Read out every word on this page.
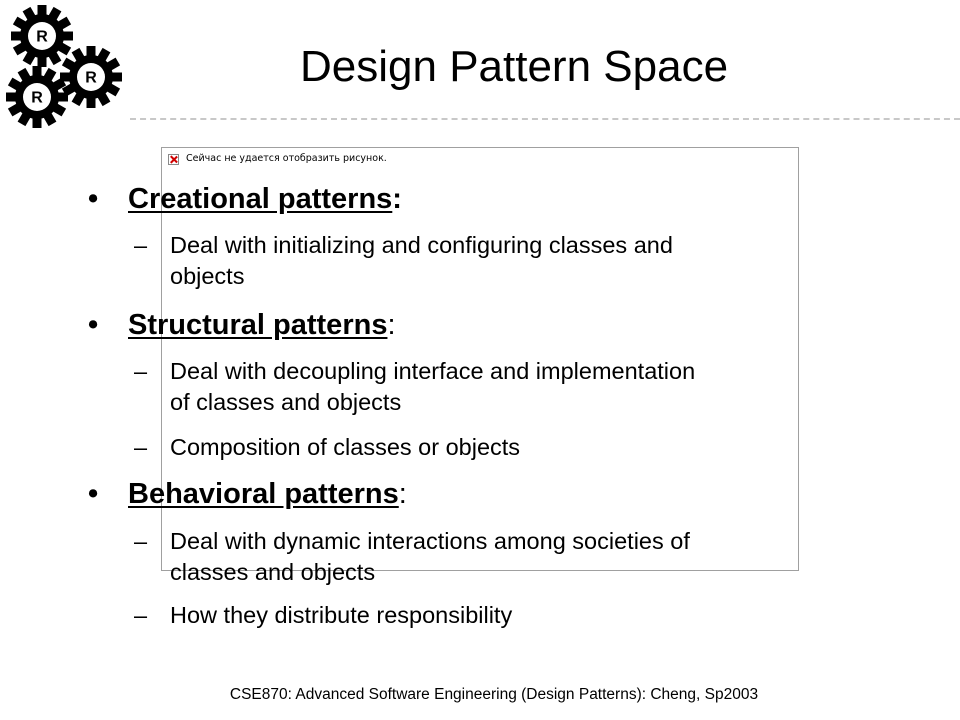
R
R
R
Design Pattern Space
Сейчас не удается отобразить рисунок.
• Creational patterns:
– Deal with initializing and configuring classes and
objects
• Structural patterns:
– Deal with decoupling interface and implementation
of classes and objects
– Composition of classes or objects
• Behavioral patterns:
– Deal with dynamic interactions among societies of
classes and objects
– How they distribute responsibility
CSE870: Advanced Software Engineering (Design Patterns): Cheng, Sp2003
